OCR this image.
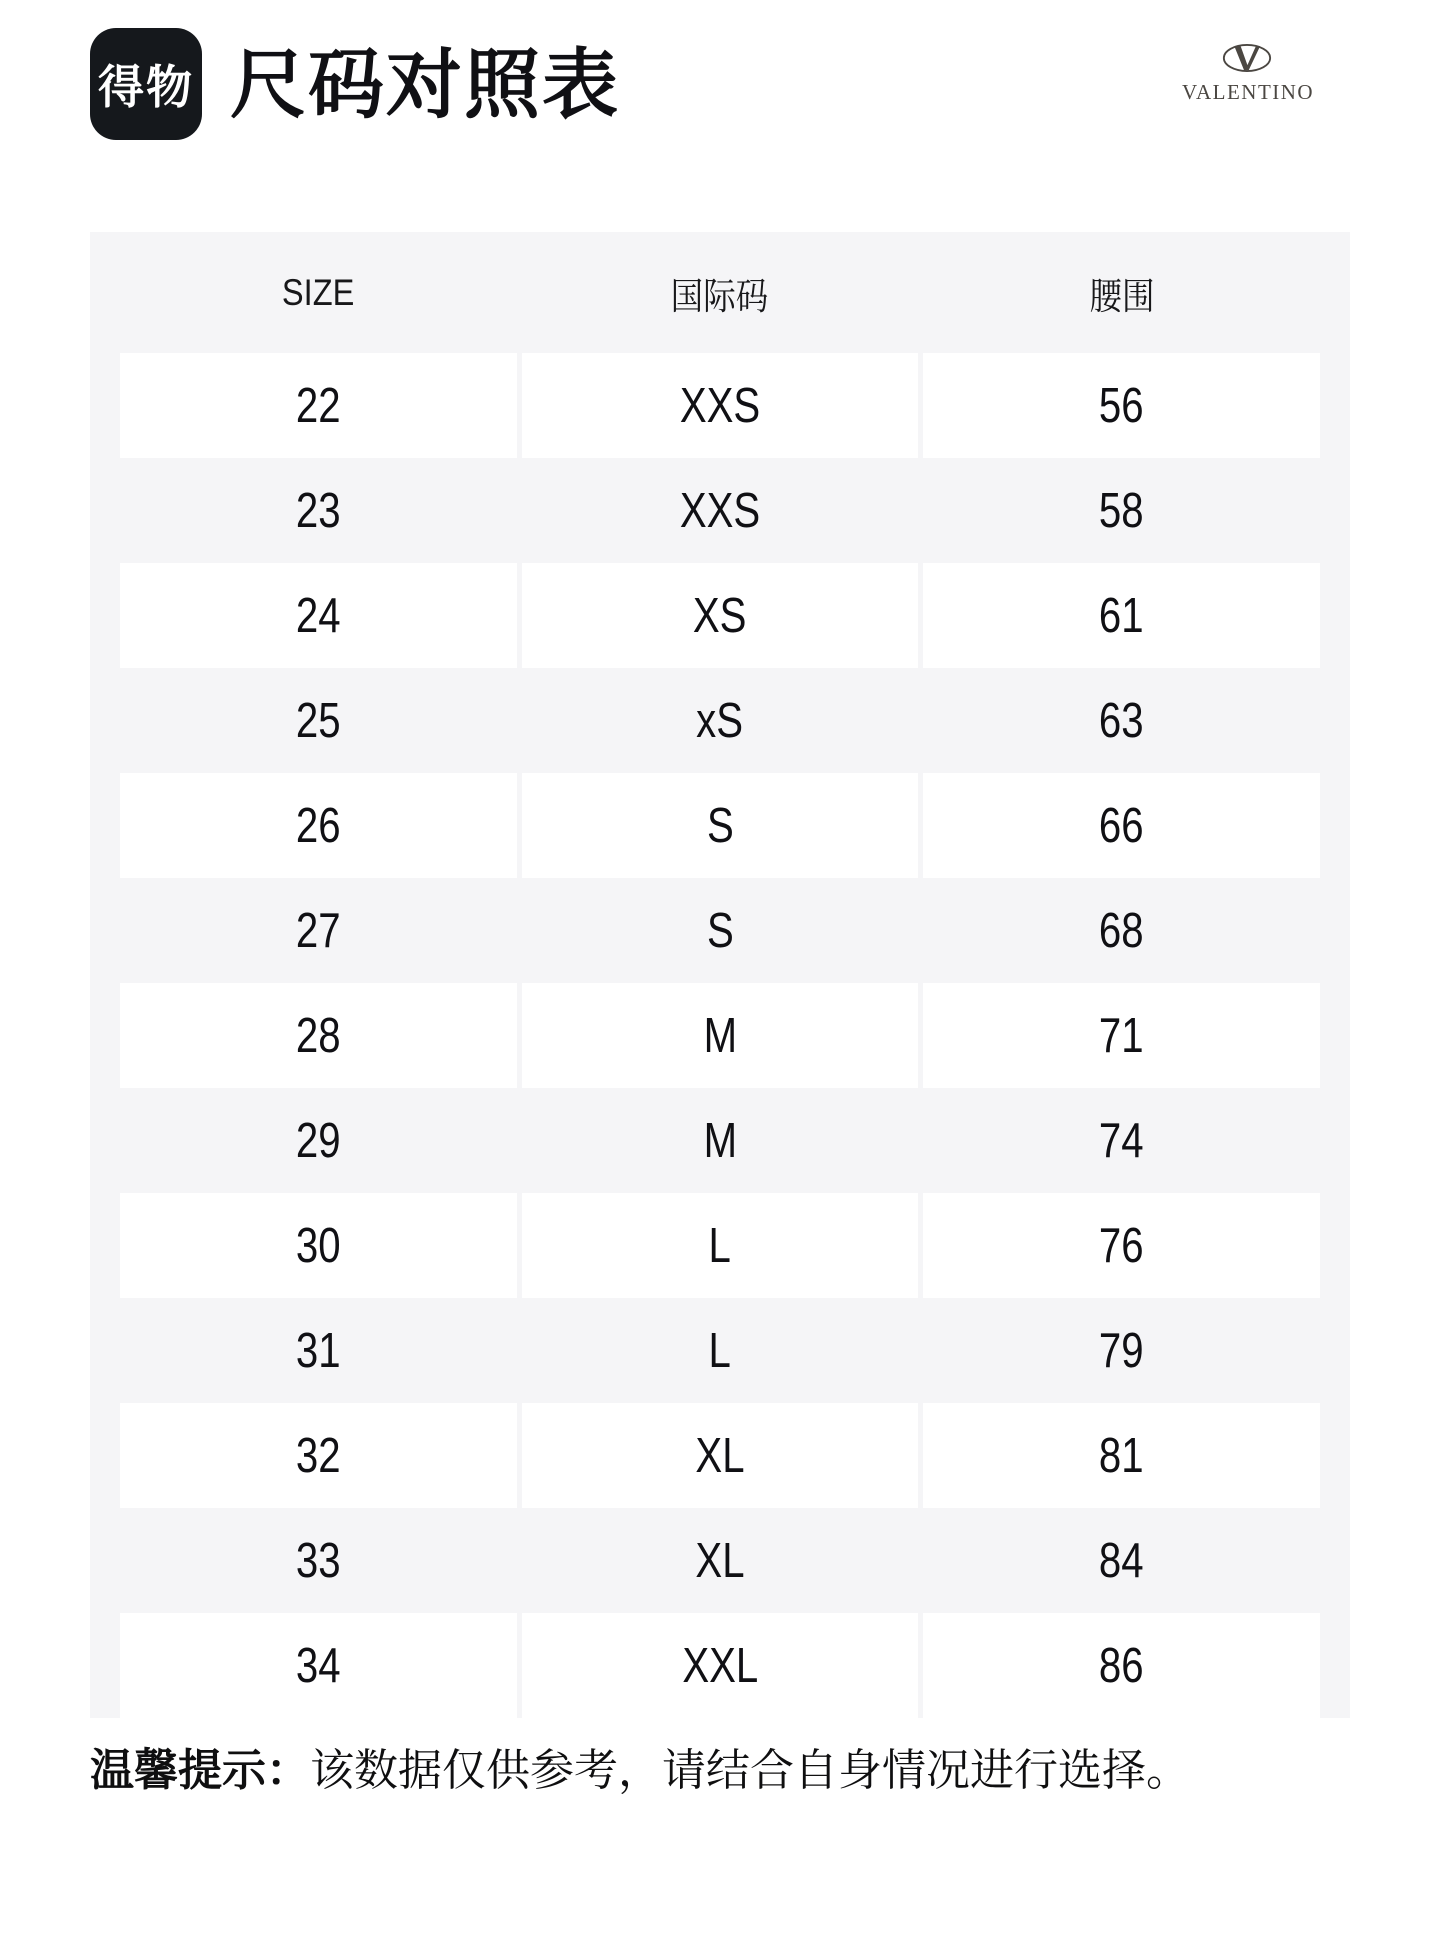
得物 尺码对照表	VALENTINO
SIZE	国际码	腰围
22	XXS	56
23	XXS	58
24	XS	61
25	xS	63
26	S	66
27	S	68
28	M	71
29	M	74
30	L	76
31	L	79
32	XL	81
33	XL	84
34	XXL	86
温馨提示：该数据仅供参考，请结合自身情况进行选择。
